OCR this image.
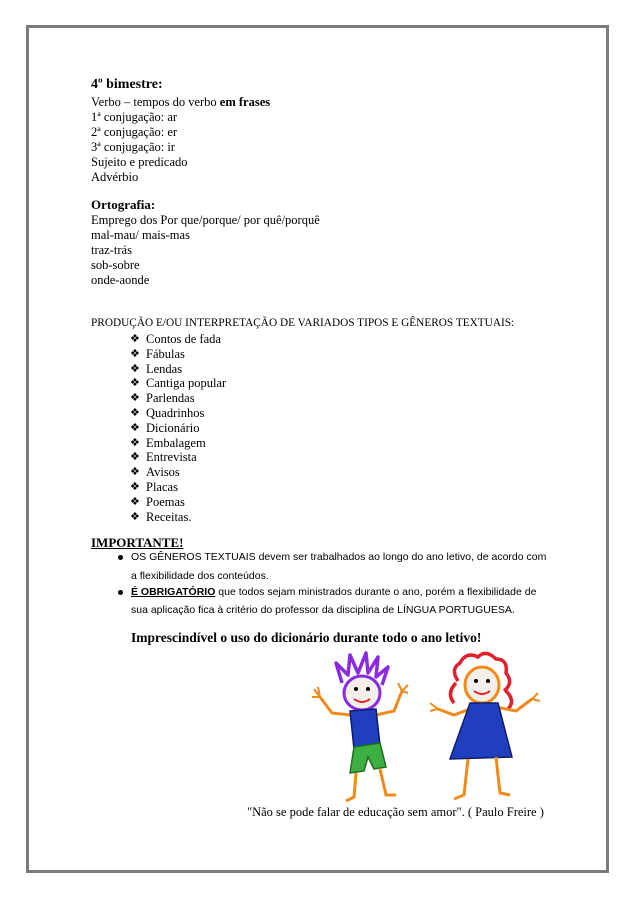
4º bimestre:
Verbo – tempos do verbo em frases
1ª conjugação: ar
2ª conjugação: er
3ª conjugação: ir
Sujeito e predicado
Advérbio
Ortografia:
Emprego dos Por que/porque/ por quê/porquê
mal-mau/ mais-mas
traz-trás
sob-sobre
onde-aonde
PRODUÇÃO E/OU INTERPRETAÇÃO DE VARIADOS TIPOS E GÊNEROS TEXTUAIS:
❖ Contos de fada
❖ Fábulas
❖ Lendas
❖ Cantiga popular
❖ Parlendas
❖ Quadrinhos
❖ Dicionário
❖ Embalagem
❖ Entrevista
❖ Avisos
❖ Placas
❖ Poemas
❖ Receitas.
IMPORTANTE!
OS GÊNEROS TEXTUAIS devem ser trabalhados ao longo do ano letivo, de acordo com
a flexibilidade dos conteúdos.
É OBRIGATÓRIO que todos sejam ministrados durante o ano, porém a flexibilidade de
sua aplicação fica à critério do professor da disciplina de LÍNGUA PORTUGUESA.
Imprescindível o uso do dicionário durante todo o ano letivo!
"Não se pode falar de educação sem amor". ( Paulo Freire )
